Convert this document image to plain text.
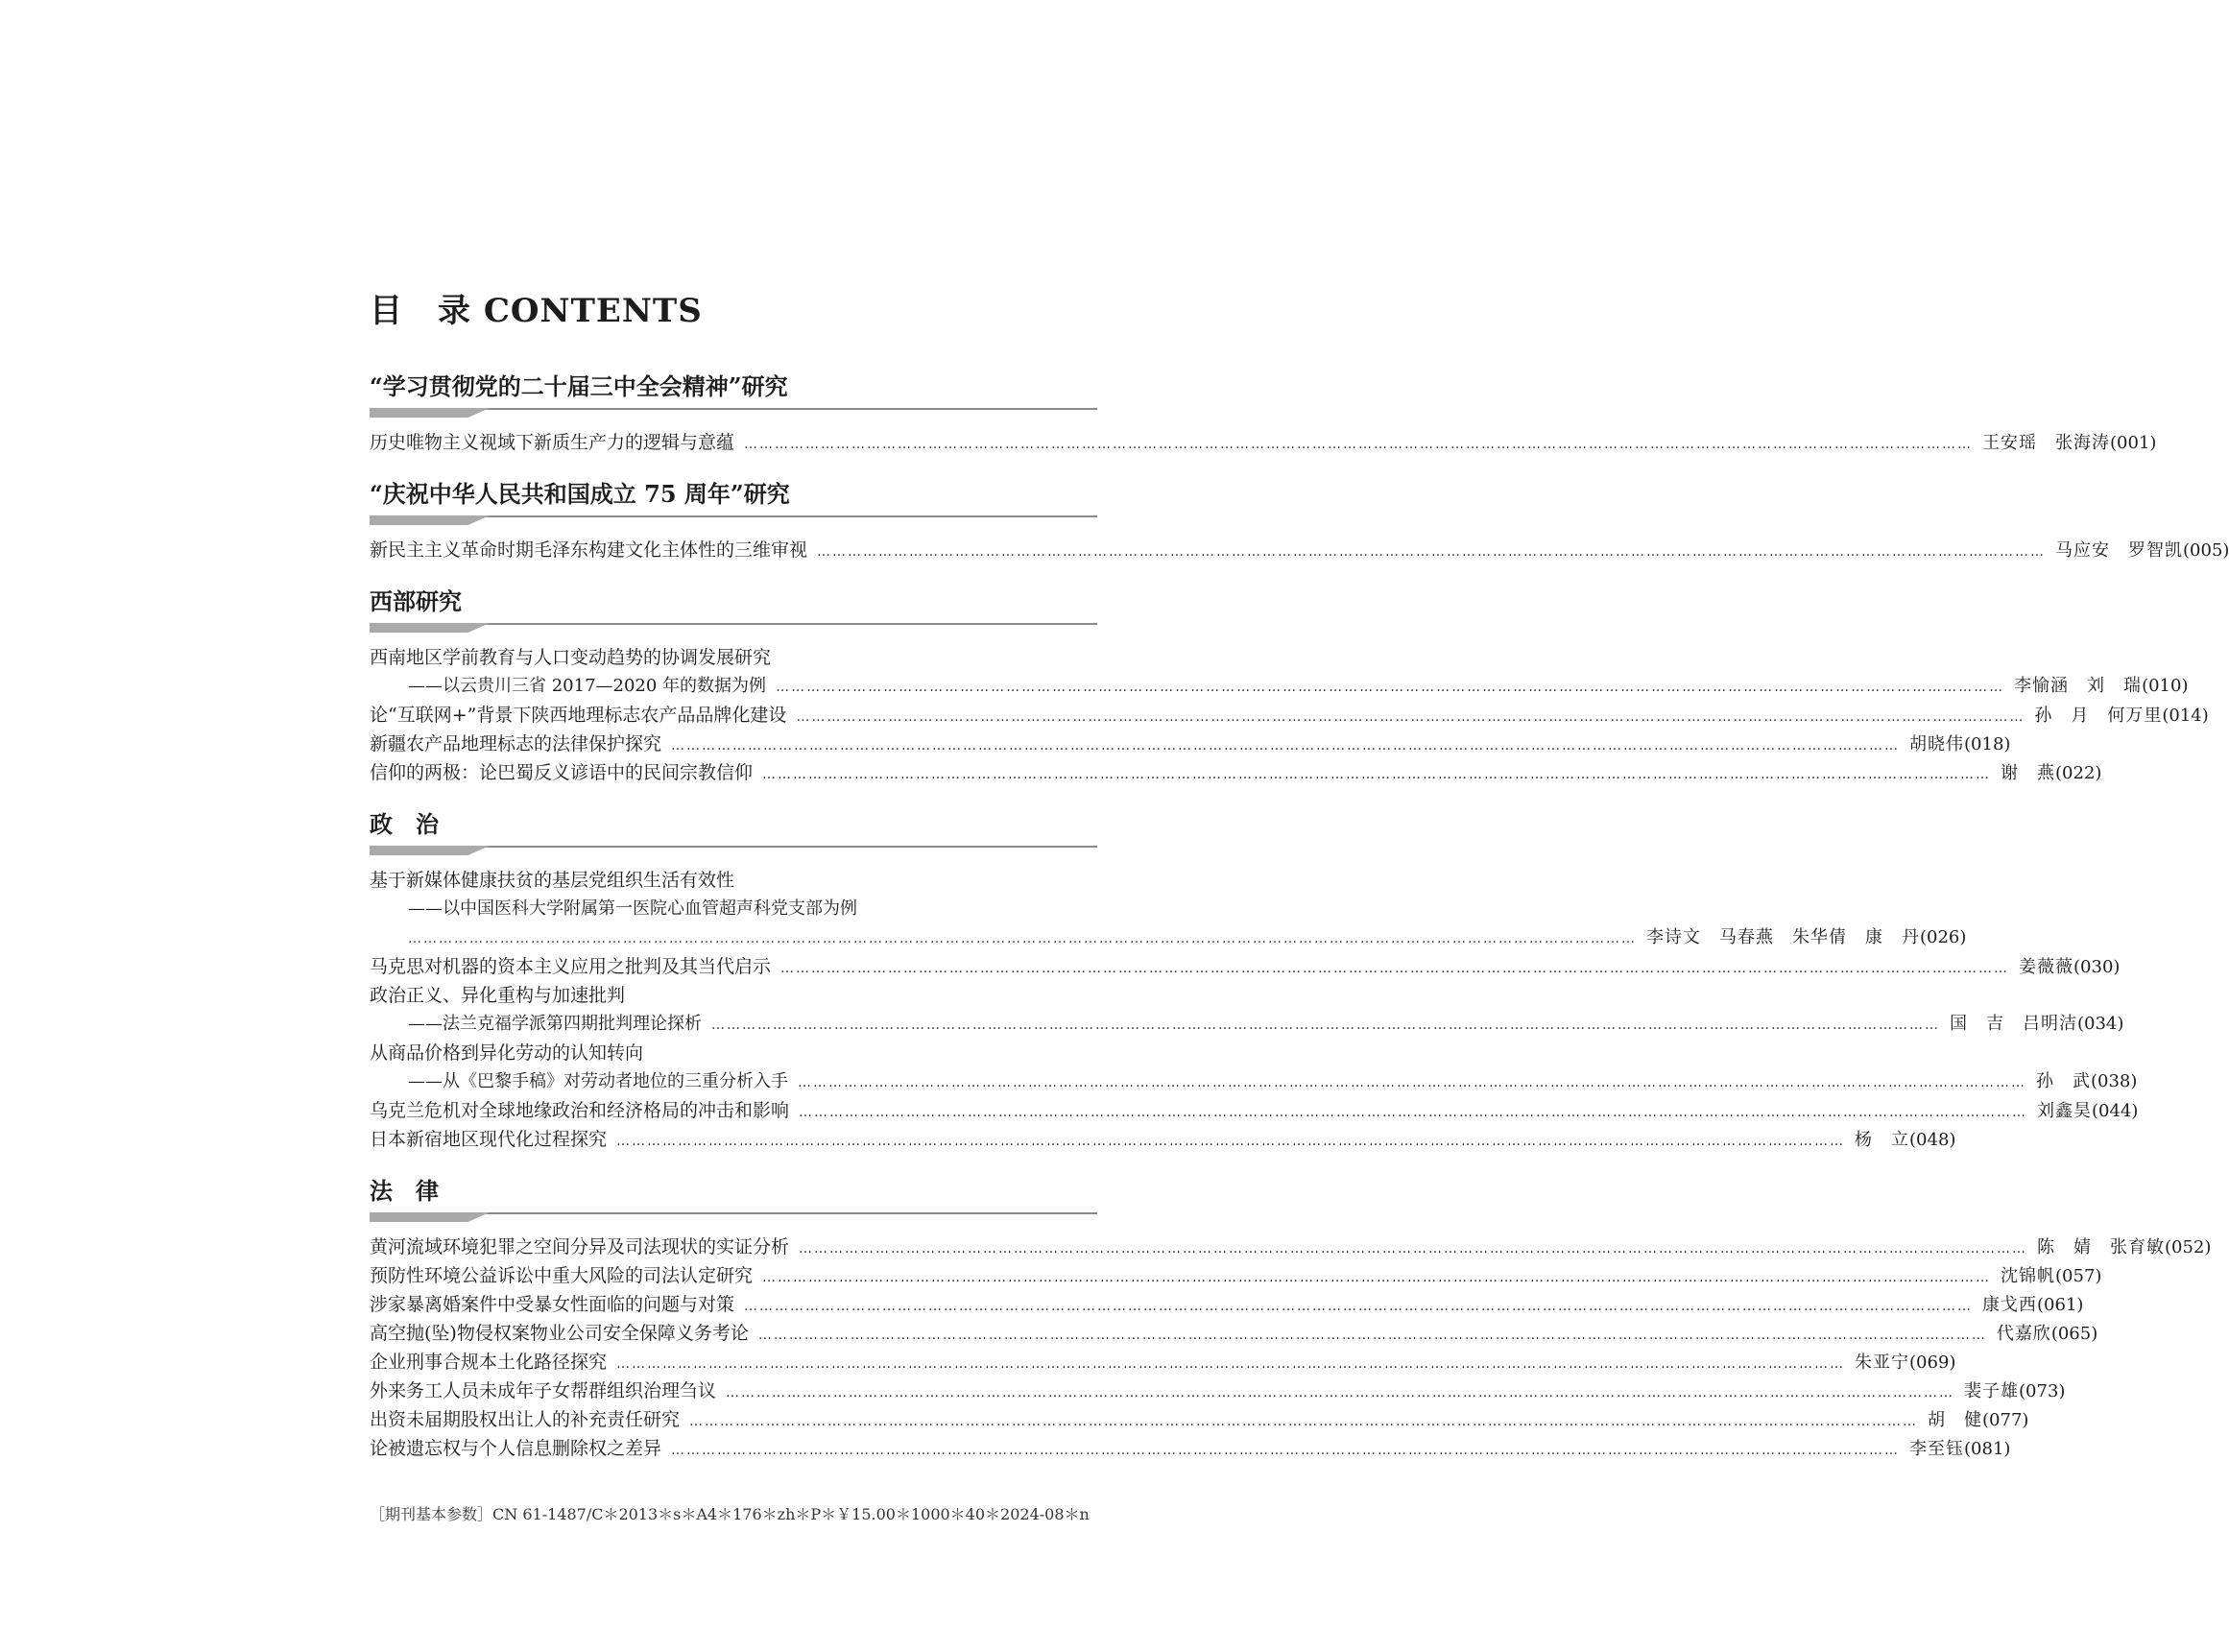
目 录 CONTENTS
“学习贯彻党的二十届三中全会精神”研究
历史唯物主义视域下新质生产力的逻辑与意蕴 …………………………………………………………………………………………………………………………………………………………………………………………………………………… 王安瑶　张海涛 (001)
“庆祝中华人民共和国成立 75 周年”研究
新民主主义革命时期毛泽东构建文化主体性的三维审视 …………………………………………………………………………………………………………………………………………………………………………………………………………………… 马应安　罗智凯 (005)
西部研究
西南地区学前教育与人口变动趋势的协调发展研究
——以云贵川三省 2017—2020 年的数据为例 …………………………………………………………………………………………………………………………………………………………………………………………………………………… 李愉涵　刘　瑞 (010)
论“互联网+”背景下陕西地理标志农产品品牌化建设 …………………………………………………………………………………………………………………………………………………………………………………………………………………… 孙　月　何万里 (014)
新疆农产品地理标志的法律保护探究 …………………………………………………………………………………………………………………………………………………………………………………………………………………… 胡晓伟 (018)
信仰的两极：论巴蜀反义谚语中的民间宗教信仰 …………………………………………………………………………………………………………………………………………………………………………………………………………………… 谢　燕 (022)
政　治
基于新媒体健康扶贫的基层党组织生活有效性
——以中国医科大学附属第一医院心血管超声科党支部为例
…………………………………………………………………………………………………………………………………………………………………………………………………………………… 李诗文　马春燕　朱华倩　康　丹 (026)
马克思对机器的资本主义应用之批判及其当代启示 …………………………………………………………………………………………………………………………………………………………………………………………………………………… 姜薇薇 (030)
政治正义、异化重构与加速批判
——法兰克福学派第四期批判理论探析 …………………………………………………………………………………………………………………………………………………………………………………………………………………… 国　吉　吕明洁 (034)
从商品价格到异化劳动的认知转向
——从《巴黎手稿》对劳动者地位的三重分析入手 …………………………………………………………………………………………………………………………………………………………………………………………………………………… 孙　武 (038)
乌克兰危机对全球地缘政治和经济格局的冲击和影响 …………………………………………………………………………………………………………………………………………………………………………………………………………………… 刘鑫昊 (044)
日本新宿地区现代化过程探究 …………………………………………………………………………………………………………………………………………………………………………………………………………………… 杨　立 (048)
法　律
黄河流域环境犯罪之空间分异及司法现状的实证分析 …………………………………………………………………………………………………………………………………………………………………………………………………………………… 陈　婧　张育敏 (052)
预防性环境公益诉讼中重大风险的司法认定研究 …………………………………………………………………………………………………………………………………………………………………………………………………………………… 沈锦帆 (057)
涉家暴离婚案件中受暴女性面临的问题与对策 …………………………………………………………………………………………………………………………………………………………………………………………………………………… 康戈西 (061)
高空抛(坠)物侵权案物业公司安全保障义务考论 …………………………………………………………………………………………………………………………………………………………………………………………………………………… 代嘉欣 (065)
企业刑事合规本土化路径探究 …………………………………………………………………………………………………………………………………………………………………………………………………………………… 朱亚宁 (069)
外来务工人员未成年子女帮群组织治理刍议 …………………………………………………………………………………………………………………………………………………………………………………………………………………… 裴子雄 (073)
出资未届期股权出让人的补充责任研究 …………………………………………………………………………………………………………………………………………………………………………………………………………………… 胡　健 (077)
论被遗忘权与个人信息删除权之差异 …………………………………………………………………………………………………………………………………………………………………………………………………………………… 李至钰 (081)
［期刊基本参数］CN 61-1487/C＊2013＊s＊A4＊176＊zh＊P＊￥15.00＊1000＊40＊2024-08＊n
